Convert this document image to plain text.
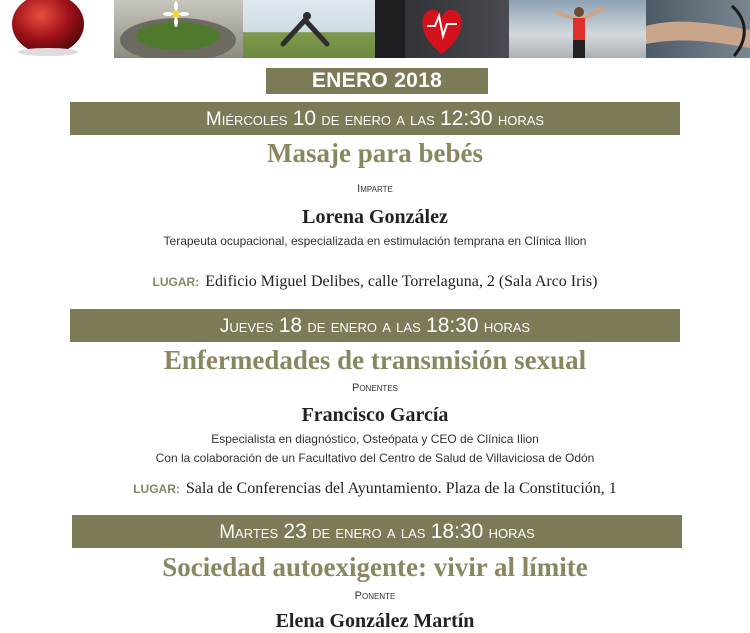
ENERO 2018
Miércoles 10 de enero a las 12:30 horas
Masaje para bebés
Imparte
Lorena González
Terapeuta ocupacional, especializada en estimulación temprana en Clínica Ilion
LUGAR: Edificio Miguel Delibes, calle Torrelaguna, 2 (Sala Arco Iris)
Jueves 18 de enero a las 18:30 horas
Enfermedades de transmisión sexual
Ponentes
Francisco García
Especialista en diagnóstico, Osteópata y CEO de Clínica Ilion
Con la colaboración de un Facultativo del Centro de Salud de Villaviciosa de Odón
LUGAR: Sala de Conferencias del Ayuntamiento. Plaza de la Constitución, 1
Martes 23 de enero a las 18:30 horas
Sociedad autoexigente: vivir al límite
Ponente
Elena González Martín
